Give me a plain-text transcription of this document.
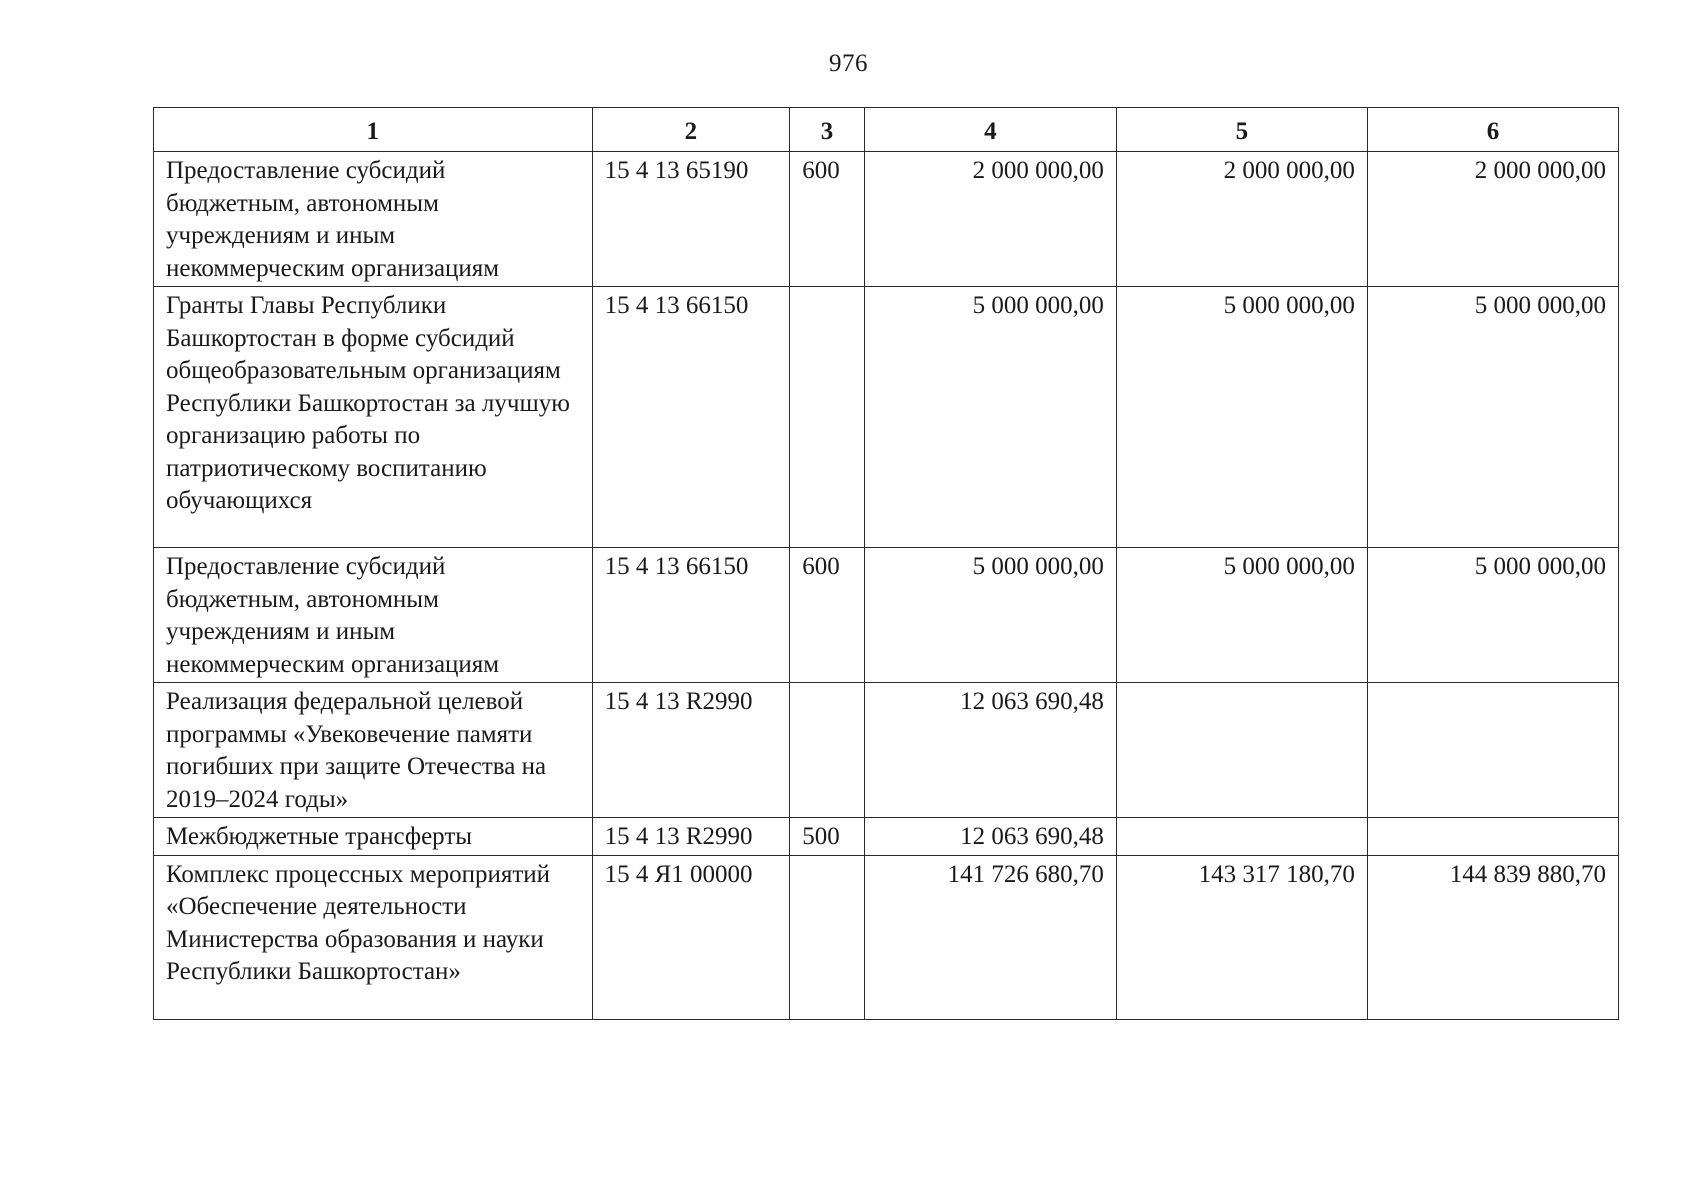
976
1	2	3	4	5	6
Предоставление субсидий бюджетным, автономным учреждениям и иным некоммерческим организациям	15 4 13 65190	600	2 000 000,00	2 000 000,00	2 000 000,00
Гранты Главы Республики Башкортостан в форме субсидий общеобразовательным организациям Республики Башкортостан за лучшую организацию работы по патриотическому воспитанию обучающихся	15 4 13 66150		5 000 000,00	5 000 000,00	5 000 000,00
Предоставление субсидий бюджетным, автономным учреждениям и иным некоммерческим организациям	15 4 13 66150	600	5 000 000,00	5 000 000,00	5 000 000,00
Реализация федеральной целевой программы «Увековечение памяти погибших при защите Отечества на 2019–2024 годы»	15 4 13 R2990		12 063 690,48		
Межбюджетные трансферты	15 4 13 R2990	500	12 063 690,48		
Комплекс процессных мероприятий «Обеспечение деятельности Министерства образования и науки Республики Башкортостан»	15 4 Я1 00000		141 726 680,70	143 317 180,70	144 839 880,70
